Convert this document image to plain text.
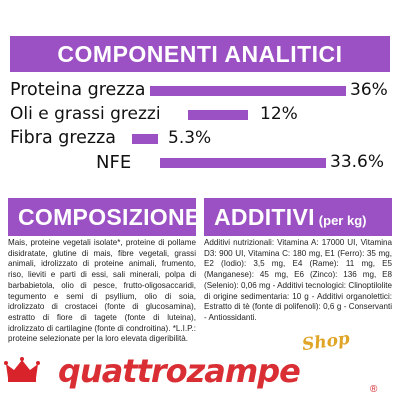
COMPONENTI ANALITICI
Proteina grezza	36%
Oli e grassi grezzi	12%
Fibra grezza	5.3%
NFE	33.6%
COMPOSIZIONE ADDITIVI (per kg)

Mais, proteine vegetali isolate*, proteine di pollame disidratate, glutine di mais, fibre vegetali, grassi animali, idrolizzato di proteine animali, frumento, riso, lieviti e parti di essi, sali minerali, polpa di barbabietola, olio di pesce, frutto-oligosaccaridi, tegumento e semi di psyllium, olio di soia, idrolizzato di crostacei (fonte di glucosamina), estratto di fiore di tagete (fonte di luteina), idrolizzato di cartilagine (fonte di condroitina). *L.I.P.: proteine selezionate per la loro elevata digeribilità.

Additivi nutrizionali: Vitamina A: 17000 UI, Vitamina D3: 900 UI, Vitamina C: 180 mg, E1 (Ferro): 35 mg, E2 (Iodio): 3,5 mg, E4 (Rame): 11 mg, E5 (Manganese): 45 mg, E6 (Zinco): 136 mg, E8 (Selenio): 0,06 mg - Additivi tecnologici: Clinoptilolite di origine sedimentaria: 10 g - Additivi organolettici: Estratto di tè (fonte di polifenoli): 0,6 g - Conservanti - Antiossidanti.

quattrozampe
Shop
®
